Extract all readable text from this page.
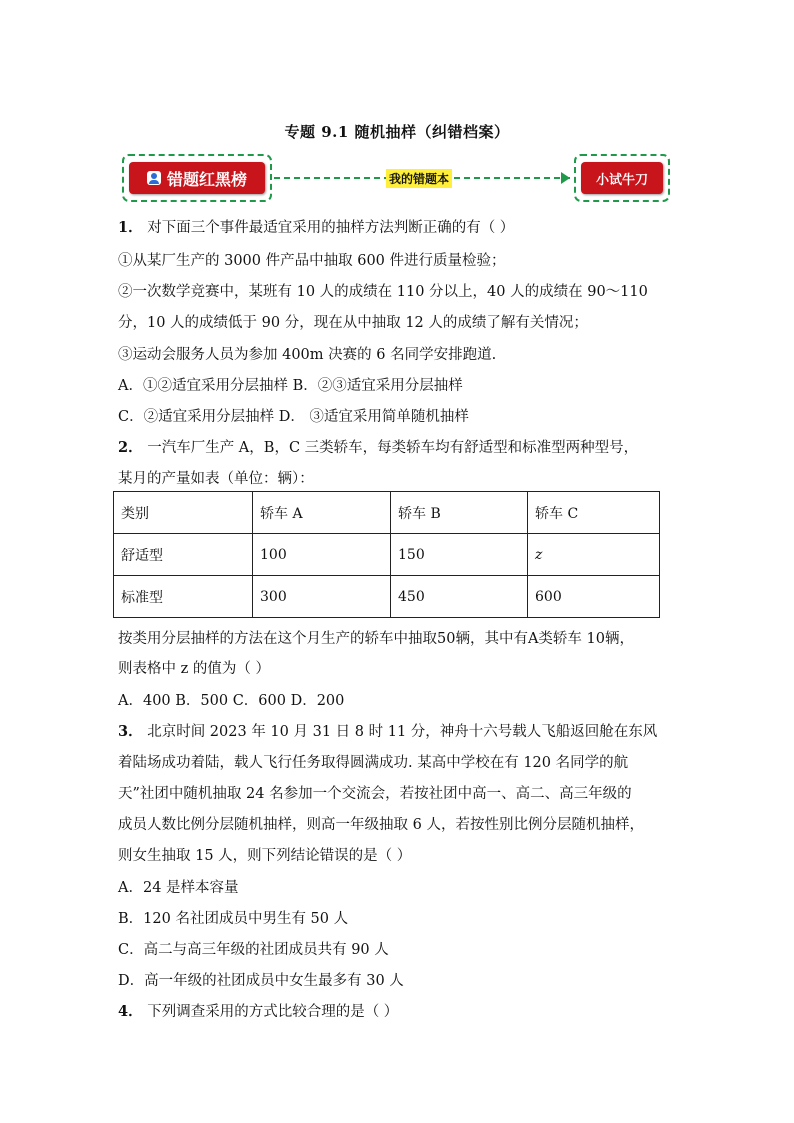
专题 9.1 随机抽样（纠错档案）
错题红黑榜	我的错题本	小试牛刀
1． 对下面三个事件最适宜采用的抽样方法判断正确的有（ ）
①从某厂生产的 3000 件产品中抽取 600 件进行质量检验；
②一次数学竞赛中，某班有 10 人的成绩在 110 分以上，40 人的成绩在 90～110
分，10 人的成绩低于 90 分，现在从中抽取 12 人的成绩了解有关情况；
③运动会服务人员为参加 400m 决赛的 6 名同学安排跑道.
A．①②适宜采用分层抽样 B．②③适宜采用分层抽样
C．②适宜采用分层抽样 D． ③适宜采用简单随机抽样
2． 一汽车厂生产 A，B，C 三类轿车，每类轿车均有舒适型和标准型两种型号，
某月的产量如表（单位：辆）：
类别	轿车 A	轿车 B	轿车 C
舒适型	100	150	z
标准型	300	450	600
按类用分层抽样的方法在这个月生产的轿车中抽取50辆，其中有A类轿车 10辆，
则表格中 z 的值为（ ）
A．400 B．500 C．600 D．200
3． 北京时间 2023 年 10 月 31 日 8 时 11 分，神舟十六号载人飞船返回舱在东风
着陆场成功着陆，载人飞行任务取得圆满成功. 某高中学校在有 120 名同学的航
天”社团中随机抽取 24 名参加一个交流会，若按社团中高一、高二、高三年级的
成员人数比例分层随机抽样，则高一年级抽取 6 人，若按性别比例分层随机抽样，
则女生抽取 15 人，则下列结论错误的是（ ）
A．24 是样本容量
B．120 名社团成员中男生有 50 人
C．高二与高三年级的社团成员共有 90 人
D．高一年级的社团成员中女生最多有 30 人
4． 下列调查采用的方式比较合理的是（ ）
